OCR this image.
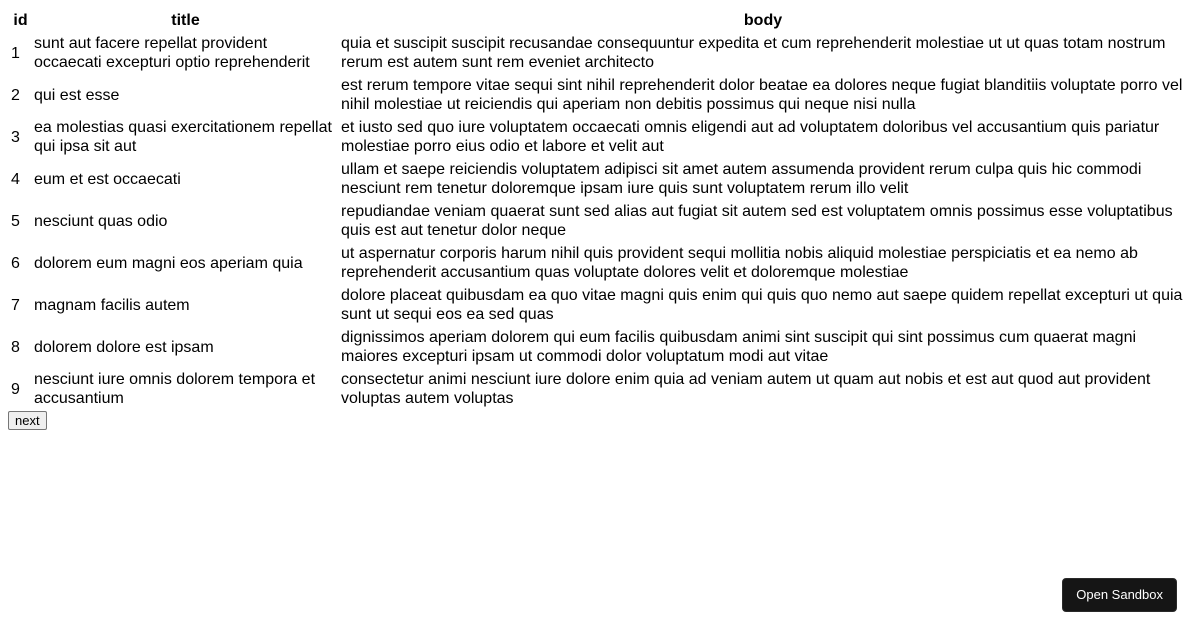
id	title	body
1	sunt aut facere repellat provident occaecati excepturi optio reprehenderit	quia et suscipit suscipit recusandae consequuntur expedita et cum reprehenderit molestiae ut ut quas totam nostrum rerum est autem sunt rem eveniet architecto
2	qui est esse	est rerum tempore vitae sequi sint nihil reprehenderit dolor beatae ea dolores neque fugiat blanditiis voluptate porro vel nihil molestiae ut reiciendis qui aperiam non debitis possimus qui neque nisi nulla
3	ea molestias quasi exercitationem repellat qui ipsa sit aut	et iusto sed quo iure voluptatem occaecati omnis eligendi aut ad voluptatem doloribus vel accusantium quis pariatur molestiae porro eius odio et labore et velit aut
4	eum et est occaecati	ullam et saepe reiciendis voluptatem adipisci sit amet autem assumenda provident rerum culpa quis hic commodi nesciunt rem tenetur doloremque ipsam iure quis sunt voluptatem rerum illo velit
5	nesciunt quas odio	repudiandae veniam quaerat sunt sed alias aut fugiat sit autem sed est voluptatem omnis possimus esse voluptatibus quis est aut tenetur dolor neque
6	dolorem eum magni eos aperiam quia	ut aspernatur corporis harum nihil quis provident sequi mollitia nobis aliquid molestiae perspiciatis et ea nemo ab reprehenderit accusantium quas voluptate dolores velit et doloremque molestiae
7	magnam facilis autem	dolore placeat quibusdam ea quo vitae magni quis enim qui quis quo nemo aut saepe quidem repellat excepturi ut quia sunt ut sequi eos ea sed quas
8	dolorem dolore est ipsam	dignissimos aperiam dolorem qui eum facilis quibusdam animi sint suscipit qui sint possimus cum quaerat magni maiores excepturi ipsam ut commodi dolor voluptatum modi aut vitae
9	nesciunt iure omnis dolorem tempora et accusantium	consectetur animi nesciunt iure dolore enim quia ad veniam autem ut quam aut nobis et est aut quod aut provident voluptas autem voluptas
next
Open Sandbox
